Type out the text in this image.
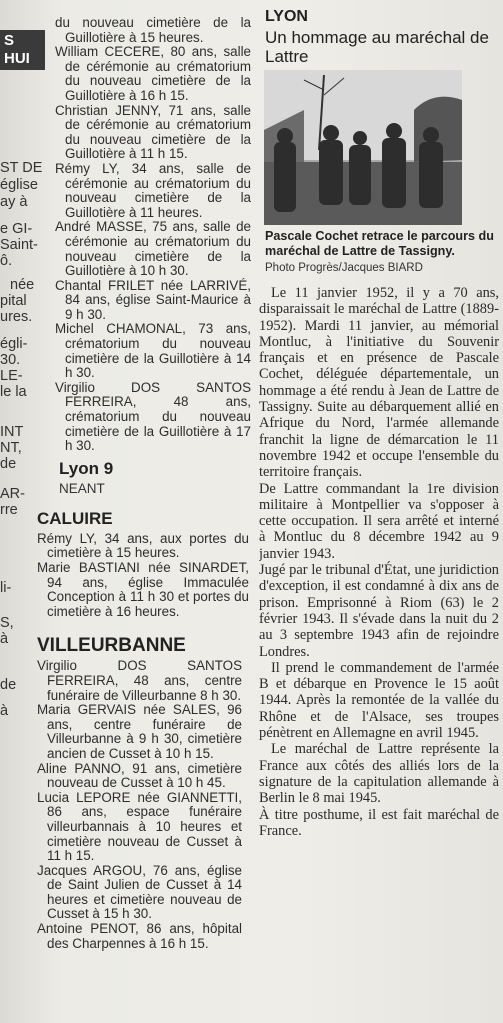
S
HUI
ST DE
église
ay à
e GI-
Saint-
ô.
née
pital
ures.
égli-
30.
LE-
le la
INT
NT,
de
AR-
rre
li-
S,
à
de
à

du nouveau cimetière de la Guillotière à 15 heures.

William CECERE, 80 ans, salle de cérémonie au crématorium du nouveau cimetière de la Guillotière à 16 h 15.

Christian JENNY, 71 ans, salle de cérémonie au crématorium du nouveau cimetière de la Guillotière à 11 h 15.

Rémy LY, 34 ans, salle de cérémonie au crématorium du nouveau cimetière de la Guillotière à 11 heures.

André MASSE, 75 ans, salle de cérémonie au crématorium du nouveau cimetière de la Guillotière à 10 h 30.

Chantal FRILET née LARRIVÉ, 84 ans, église Saint-Maurice à 9 h 30.

Michel CHAMONAL, 73 ans, crématorium du nouveau cimetière de la Guillotière à 14 h 30.

Virgilio DOS SANTOS FERREIRA, 48 ans, crématorium du nouveau cimetière de la Guillotière à 17 h 30.

Lyon 9
NEANT
CALUIRE

Rémy LY, 34 ans, aux portes du cimetière à 15 heures.

Marie BASTIANI née SINARDET, 94 ans, église Immaculée Conception à 11 h 30 et portes du cimetière à 16 heures.

VILLEURBANNE

Virgilio DOS SANTOS FERREIRA, 48 ans, centre funéraire de Villeurbanne 8 h 30.

Maria GERVAIS née SALES, 96 ans, centre funéraire de Villeurbanne à 9 h 30, cimetière ancien de Cusset à 10 h 15.

Aline PANNO, 91 ans, cimetière nouveau de Cusset à 10 h 45.

Lucia LEPORE née GIANNETTI, 86 ans, espace funéraire villeurbannais à 10 heures et cimetière nouveau de Cusset à 11 h 15.

Jacques ARGOU, 76 ans, église de Saint Julien de Cusset à 14 heures et cimetière nouveau de Cusset à 15 h 30.

Antoine PENOT, 86 ans, hôpital des Charpennes à 16 h 15.

LYON
Un hommage au maréchal de Lattre
Pascale Cochet retrace le parcours du maréchal de Lattre de Tassigny.
Photo Progrès/Jacques BIARD

Le 11 janvier 1952, il y a 70 ans, disparaissait le maréchal de Lattre (1889-1952). Mardi 11 janvier, au mémorial Montluc, à l'initiative du Souvenir français et en présence de Pascale Cochet, déléguée départementale, un hommage a été rendu à Jean de Lattre de Tassigny. Suite au débarquement allié en Afrique du Nord, l'armée allemande franchit la ligne de démarcation le 11 novembre 1942 et occupe l'ensemble du territoire français.

De Lattre commandant la 1re division militaire à Montpellier va s'opposer à cette occupation. Il sera arrêté et interné à Montluc du 8 décembre 1942 au 9 janvier 1943.

Jugé par le tribunal d'État, une juridiction d'exception, il est condamné à dix ans de prison. Emprisonné à Riom (63) le 2 février 1943. Il s'évade dans la nuit du 2 au 3 septembre 1943 afin de rejoindre Londres.

Il prend le commandement de l'armée B et débarque en Provence le 15 août 1944. Après la remontée de la vallée du Rhône et de l'Alsace, ses troupes pénètrent en Allemagne en avril 1945.

Le maréchal de Lattre représente la France aux côtés des alliés lors de la signature de la capitulation allemande à Berlin le 8 mai 1945.

À titre posthume, il est fait maréchal de France.
